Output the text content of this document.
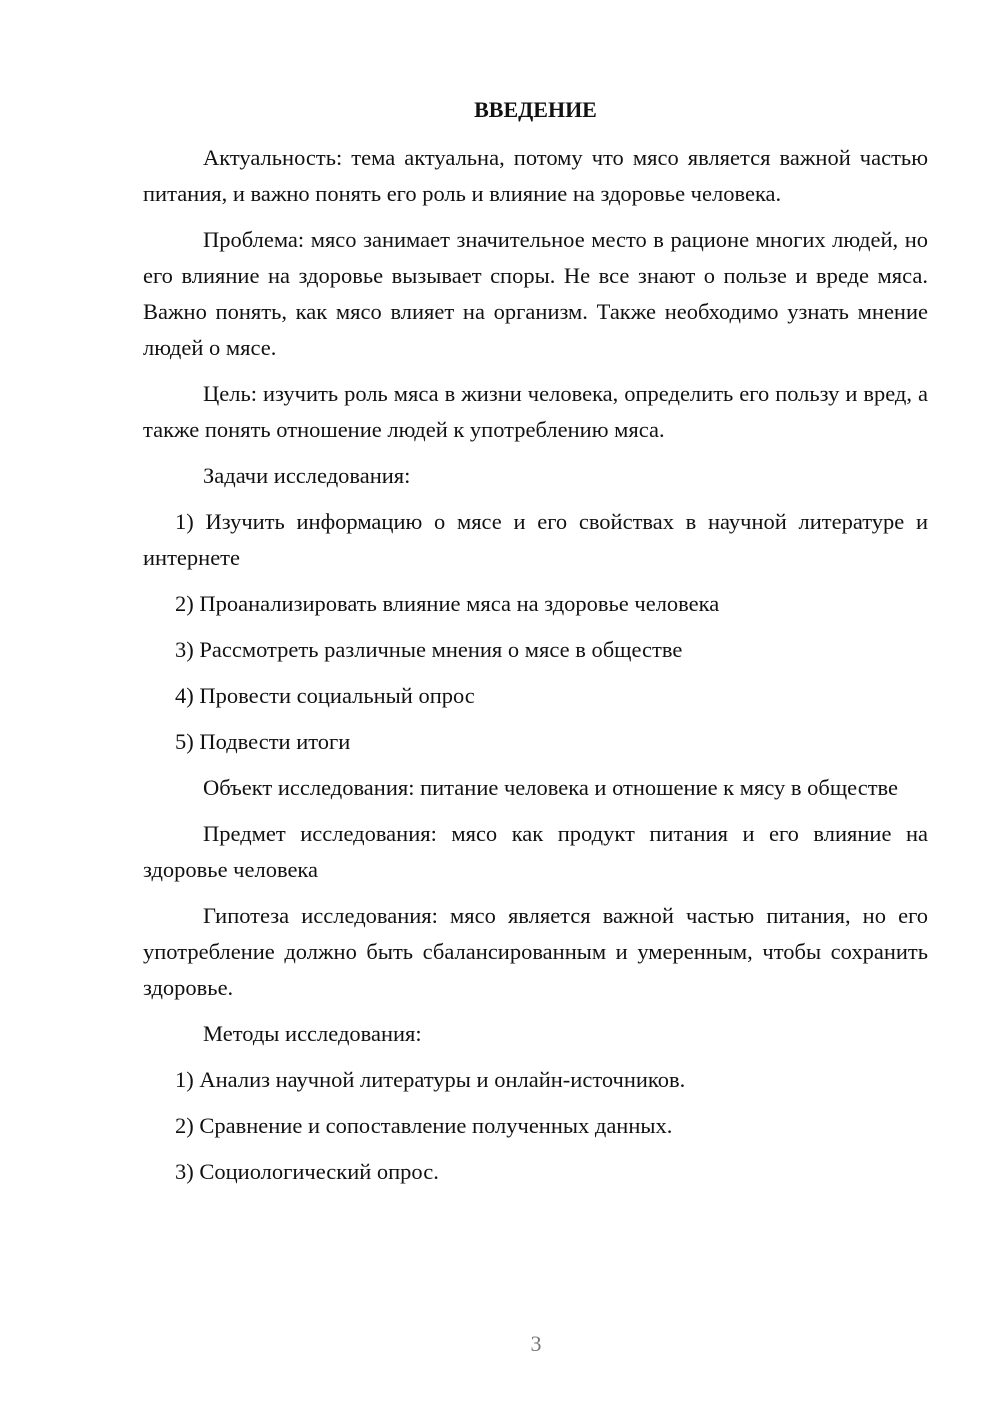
ВВЕДЕНИЕ

Актуальность: тема актуальна, потому что мясо является важной частью питания, и важно понять его роль и влияние на здоровье человека.

Проблема: мясо занимает значительное место в рационе многих людей, но его влияние на здоровье вызывает споры. Не все знают о пользе и вреде мяса. Важно понять, как мясо влияет на организм. Также необходимо узнать мнение людей о мясе.

Цель: изучить роль мяса в жизни человека, определить его пользу и вред, а также понять отношение людей к употреблению мяса.

Задачи исследования:

1) Изучить информацию о мясе и его свойствах в научной литературе и интернете

2) Проанализировать влияние мяса на здоровье человека

3) Рассмотреть различные мнения о мясе в обществе

4) Провести социальный опрос

5) Подвести итоги

Объект исследования: питание человека и отношение к мясу в обществе

Предмет исследования: мясо как продукт питания и его влияние на здоровье человека

Гипотеза исследования: мясо является важной частью питания, но его употребление должно быть сбалансированным и умеренным, чтобы сохранить здоровье.

Методы исследования:

1) Анализ научной литературы и онлайн-источников.

2) Сравнение и сопоставление полученных данных.

3) Социологический опрос.

3
